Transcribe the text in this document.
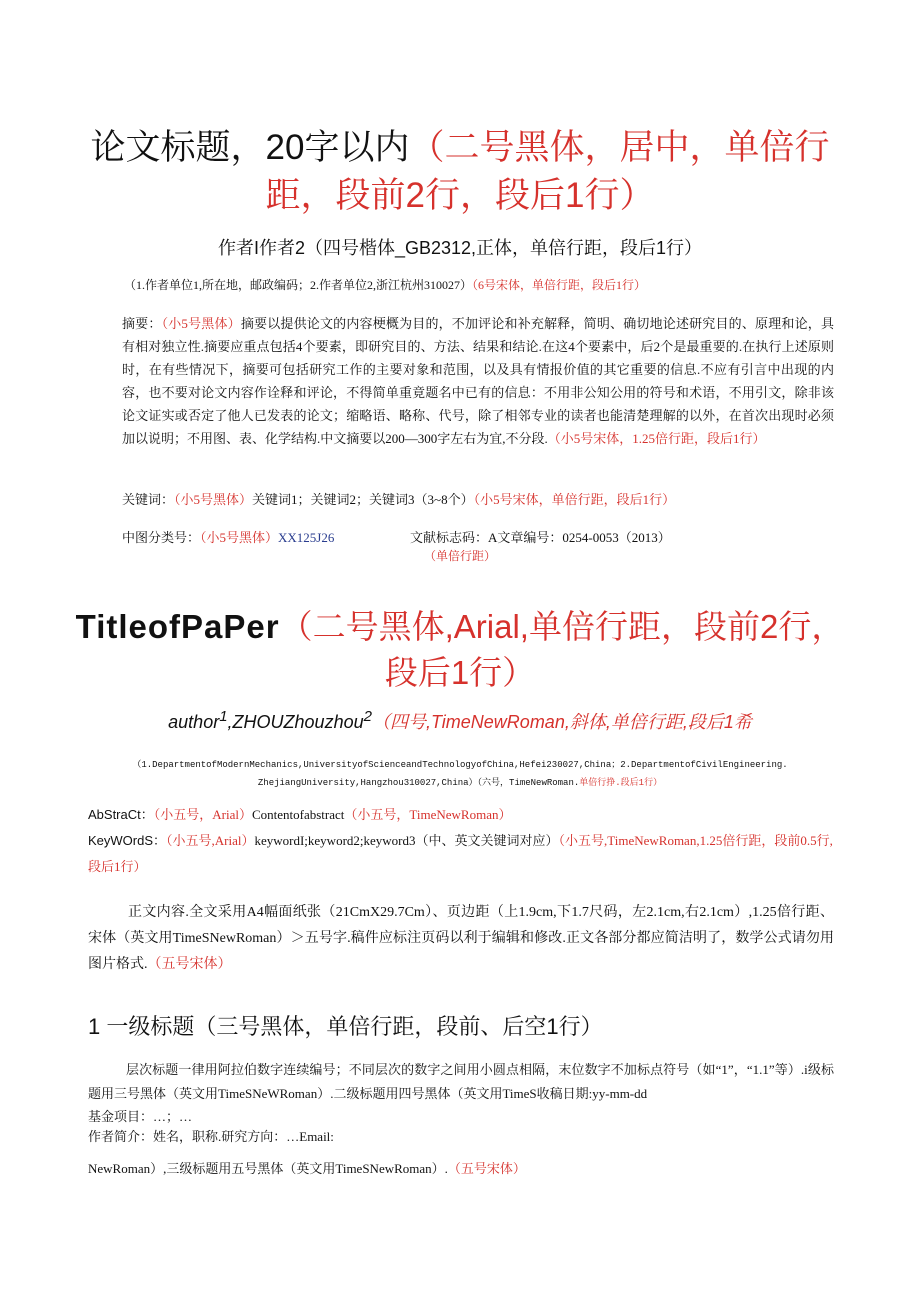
论文标题，20字以内（二号黑体，居中，单倍行距，段前2行，段后1行）
作者I作者2（四号楷体_GB2312,正体，单倍行距，段后1行）
（1.作者单位1,所在地，邮政编码；2.作者单位2,浙江杭州310027）（6号宋体，单倍行距，段后1行）
摘要：（小5号黑体）摘要以提供论文的内容梗概为目的，不加评论和补充解释，简明、确切地论述研究目的、原理和论，具有相对独立性.摘要应重点包括4个要素，即研究目的、方法、结果和结论.在这4个要素中，后2个是最重要的.在执行上述原则时，在有些情况下，摘要可包括研究工作的主要对象和范围，以及具有情报价值的其它重要的信息.不应有引言中出现的内容，也不要对论文内容作诠释和评论，不得简单重竟题名中已有的信息：不用非公知公用的符号和术语，不用引文，除非该论文证实或否定了他人已发表的论文；缩略语、略称、代号，除了相邻专业的读者也能清楚理解的以外，在首次出现时必须加以说明；不用图、表、化学结构.中文摘要以200—300字左右为宜,不分段.（小5号宋体，1.25倍行距，段后1行）
关键词：（小5号黑体）关键词1；关键词2；关键词3（3~8个）（小5号宋体，单倍行距，段后1行）
中图分类号：（小5号黑体）XX125J26	文献标志码：A文章编号：0254-0053（2013）
（单倍行距）
TitleofPaPer（二号黑体,Arial,单倍行距，段前2行，段后1行）
author$^1$,ZHOUZhouzhou$^2$（四号,TimeNewRoman,斜体,单倍行距,段后1希
（1.DepartmentofModernMechanics,UniversityofScienceandTechnologyofChina,Hefei230027,China；2.DepartmentofCivilEngineering.
ZhejiangUniversity,Hangzhou310027,China）（六号，TimeNewRoman.单倍行挣.段后1行）
AbStraCt：（小五号，Arial）Contentofabstract（小五号，TimeNewRoman）
KeyWOrdS：（小五号,Arial）keywordI;keyword2;keyword3（中、英文关键词对应）（小五号,TimeNewRoman,1.25倍行距，段前0.5行,段后1行）
正文内容.全文采用A4幅面纸张（21CmX29.7Cm）、页边距（上1.9cm,下1.7尺码，左2.1cm,右2.1cm）,1.25倍行距、宋体（英文用TimeSNewRoman）＞五号字.稿件应标注页码以利于编辑和修改.正文各部分都应简洁明了，数学公式请勿用图片格式.（五号宋体）
1 一级标题（三号黑体，单倍行距，段前、后空1行）
层次标题一律用阿拉伯数字连续编号；不同层次的数字之间用小圆点相隔，末位数字不加标点符号（如“1”，“1.1”等）.i级标题用三号黑体（英文用TimeSNeWRoman）.二级标题用四号黑体（英文用TimeS收稿日期:yy-mm-dd
基金项目：…；…
作者简介：姓名，职称.研究方向：…Email:
NewRoman）,三级标题用五号黑体（英文用TimeSNewRoman）.（五号宋体）
